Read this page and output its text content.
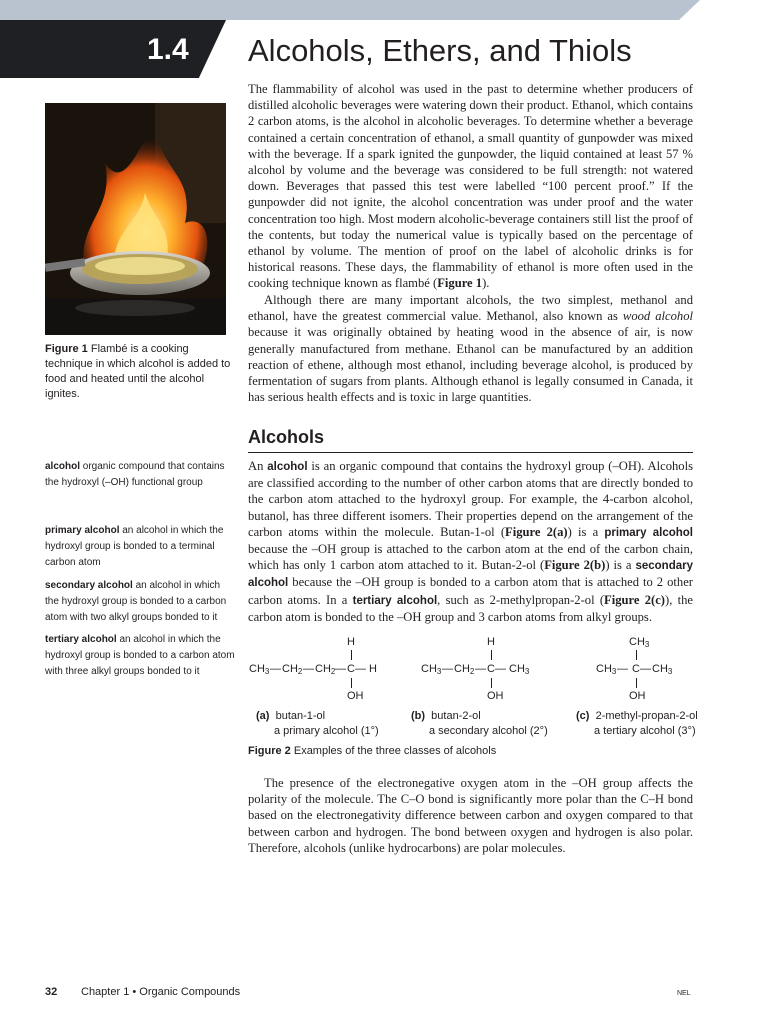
1.4 Alcohols, Ethers, and Thiols
Figure 1 Flambé is a cooking technique in which alcohol is added to food and heated until the alcohol ignites.

The flammability of alcohol was used in the past to determine whether producers of distilled alcoholic beverages were watering down their product. Ethanol, which contains 2 carbon atoms, is the alcohol in alcoholic beverages. To determine whether a beverage contained a certain concentration of ethanol, a small quantity of gunpowder was mixed with the beverage. If a spark ignited the gunpowder, the liquid contained at least 57 % alcohol by volume and the beverage was considered to be full strength: not watered down. Beverages that passed this test were labelled “100 percent proof.” If the gunpowder did not ignite, the alcohol concentration was under proof and the water concentration too high. Most modern alcoholic-beverage containers still list the proof of the contents, but today the numerical value is typically based on the percentage of ethanol by volume. The mention of proof on the label of alcoholic drinks is for historical reasons. These days, the flammability of ethanol is more often used in the cooking technique known as flambé (Figure 1).

Although there are many important alcohols, the two simplest, methanol and ethanol, have the greatest commercial value. Methanol, also known as wood alcohol because it was originally obtained by heating wood in the absence of air, is now generally manufactured from methane. Ethanol can be manufactured by an addition reaction of ethene, although most ethanol, including beverage alcohol, is produced by fermentation of sugars from plants. Although ethanol is legally consumed in Canada, it has serious health effects and is toxic in large quantities.

Alcohols

An alcohol is an organic compound that contains the hydroxyl group (–OH). Alcohols are classified according to the number of other carbon atoms that are directly bonded to the carbon atom attached to the hydroxyl group. For example, the 4-carbon alcohol, butanol, has three different isomers. Their properties depend on the arrangement of the carbon atoms within the molecule. Butan-1-ol (Figure 2(a)) is a primary alcohol because the –OH group is attached to the carbon atom at the end of the carbon chain, which has only 1 carbon atom attached to it. Butan-2-ol (Figure 2(b)) is a secondary alcohol because the –OH group is bonded to a carbon atom that is attached to 2 other carbon atoms. In a tertiary alcohol, such as 2-methylpropan-2-ol (Figure 2(c)), the carbon atom is bonded to the –OH group and 3 carbon atoms from alkyl groups.

alcohol organic compound that contains the hydroxyl (–OH) functional group

primary alcohol an alcohol in which the hydroxyl group is bonded to a terminal carbon atom

secondary alcohol an alcohol in which the hydroxyl group is bonded to a carbon atom with two alkyl groups bonded to it

tertiary alcohol an alcohol in which the hydroxyl group is bonded to a carbon atom with three alkyl groups bonded to it

H
$CH_3$ — $CH_2$ — $CH_2$ — C — H
OH
H
$CH_3$ — $CH_2$ — C — $CH_3$
OH
$CH_3$
$CH_3$ — C — $CH_3$
OH
(a) butan-1-ol
a primary alcohol (1°)
(b) butan-2-ol
a secondary alcohol (2°)
(c) 2-methyl-propan-2-ol
a tertiary alcohol (3°)
Figure 2 Examples of the three classes of alcohols

The presence of the electronegative oxygen atom in the –OH group affects the polarity of the molecule. The C–O bond is significantly more polar than the C–H bond based on the electronegativity difference between carbon and oxygen compared to that between carbon and hydrogen. The bond between oxygen and hydrogen is also polar. Therefore, alcohols (unlike hydrocarbons) are polar molecules.

32 Chapter 1 • Organic Compounds	NEL
